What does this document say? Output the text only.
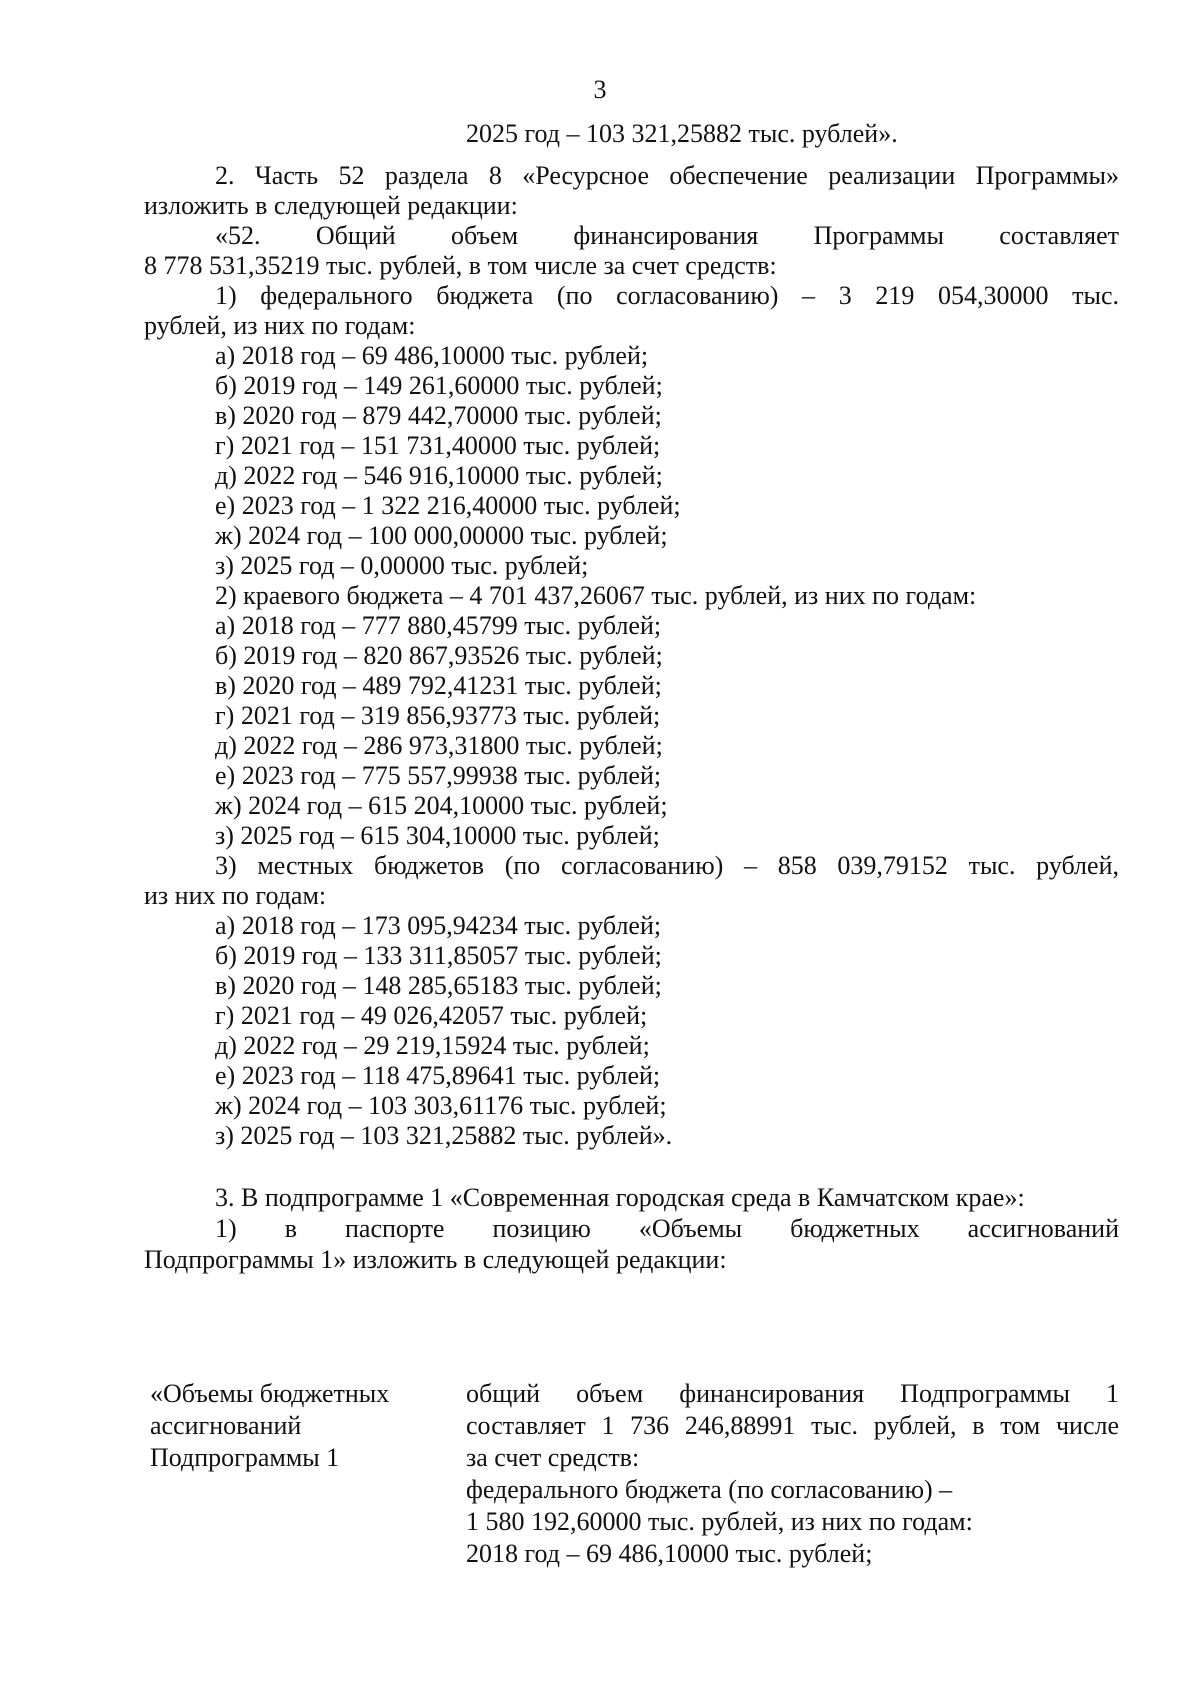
3
2025 год – 103 321,25882 тыс. рублей».
2. Часть 52 раздела 8 «Ресурсное обеспечение реализации Программы»
изложить в следующей редакции:
«52. Общий объем финансирования Программы составляет
8 778 531,35219 тыс. рублей, в том числе за счет средств:
1) федерального бюджета (по согласованию) – 3 219 054,30000 тыс.
рублей, из них по годам:
а) 2018 год – 69 486,10000 тыс. рублей;
б) 2019 год – 149 261,60000 тыс. рублей;
в) 2020 год – 879 442,70000 тыс. рублей;
г) 2021 год – 151 731,40000 тыс. рублей;
д) 2022 год – 546 916,10000 тыс. рублей;
е) 2023 год – 1 322 216,40000 тыс. рублей;
ж) 2024 год – 100 000,00000 тыс. рублей;
з) 2025 год – 0,00000 тыс. рублей;
2) краевого бюджета – 4 701 437,26067 тыс. рублей, из них по годам:
а) 2018 год – 777 880,45799 тыс. рублей;
б) 2019 год – 820 867,93526 тыс. рублей;
в) 2020 год – 489 792,41231 тыс. рублей;
г) 2021 год – 319 856,93773 тыс. рублей;
д) 2022 год – 286 973,31800 тыс. рублей;
е) 2023 год – 775 557,99938 тыс. рублей;
ж) 2024 год – 615 204,10000 тыс. рублей;
з) 2025 год – 615 304,10000 тыс. рублей;
3) местных бюджетов (по согласованию) – 858 039,79152 тыс. рублей,
из них по годам:
а) 2018 год – 173 095,94234 тыс. рублей;
б) 2019 год – 133 311,85057 тыс. рублей;
в) 2020 год – 148 285,65183 тыс. рублей;
г) 2021 год – 49 026,42057 тыс. рублей;
д) 2022 год – 29 219,15924 тыс. рублей;
е) 2023 год – 118 475,89641 тыс. рублей;
ж) 2024 год – 103 303,61176 тыс. рублей;
з) 2025 год – 103 321,25882 тыс. рублей».
3. В подпрограмме 1 «Современная городская среда в Камчатском крае»:
1) в паспорте позицию «Объемы бюджетных ассигнований
Подпрограммы 1» изложить в следующей редакции:
«Объемы бюджетных
ассигнований
Подпрограммы 1
общий объем финансирования Подпрограммы 1
составляет 1 736 246,88991 тыс. рублей, в том числе
за счет средств:
федерального бюджета (по согласованию) –
1 580 192,60000 тыс. рублей, из них по годам:
2018 год – 69 486,10000 тыс. рублей;
